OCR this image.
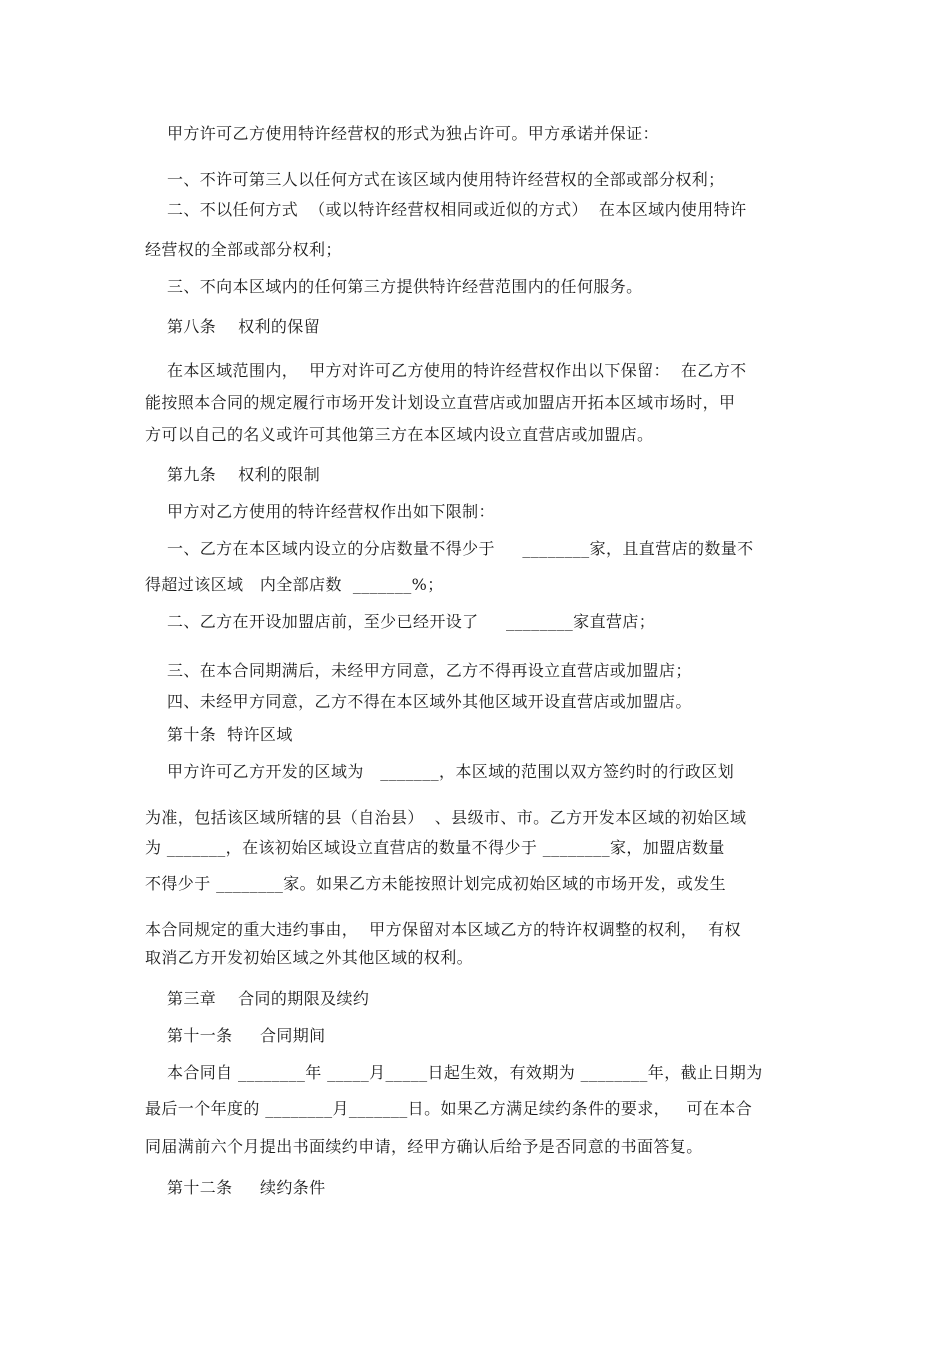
甲方许可乙方使用特许经营权的形式为独占许可。甲方承诺并保证：

一、不许可第三人以任何方式在该区域内使用特许经营权的全部或部分权利；

二、不以任何方式  （或以特许经营权相同或近似的方式）  在本区域内使用特许

经营权的全部或部分权利；

三、不向本区域内的任何第三方提供特许经营范围内的任何服务。

第八条    权利的保留

在本区域范围内，  甲方对许可乙方使用的特许经营权作出以下保留：  在乙方不

能按照本合同的规定履行市场开发计划设立直营店或加盟店开拓本区域市场时，甲

方可以自己的名义或许可其他第三方在本区域内设立直营店或加盟店。

第九条    权利的限制

甲方对乙方使用的特许经营权作出如下限制：

一、乙方在本区域内设立的分店数量不得少于     ________家，且直营店的数量不

得超过该区域   内全部店数  _______%；

二、乙方在开设加盟店前，至少已经开设了     ________家直营店；

三、在本合同期满后，未经甲方同意，乙方不得再设立直营店或加盟店；

四、未经甲方同意，乙方不得在本区域外其他区域开设直营店或加盟店。

第十条  特许区域

甲方许可乙方开发的区域为   _______，本区域的范围以双方签约时的行政区划

为准，包括该区域所辖的县（自治县）  、县级市、市。乙方开发本区域的初始区域

为 _______，在该初始区域设立直营店的数量不得少于 ________家，加盟店数量

不得少于 ________家。如果乙方未能按照计划完成初始区域的市场开发，或发生

本合同规定的重大违约事由，  甲方保留对本区域乙方的特许权调整的权利，  有权

取消乙方开发初始区域之外其他区域的权利。

第三章    合同的期限及续约

第十一条     合同期间

本合同自 ________年 _____月_____日起生效，有效期为 ________年，截止日期为

最后一个年度的 ________月_______日。如果乙方满足续约条件的要求，   可在本合

同届满前六个月提出书面续约申请，经甲方确认后给予是否同意的书面答复。

第十二条     续约条件
